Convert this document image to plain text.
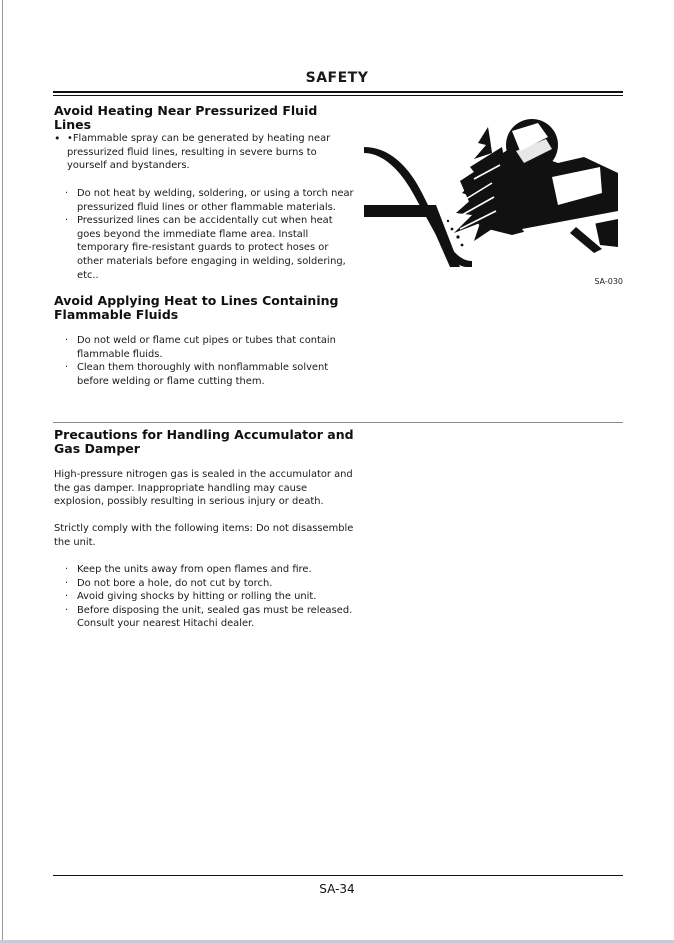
SAFETY
Avoid Heating Near Pressurized Fluid Lines
• •Flammable spray can be generated by heating near pressurized fluid lines, resulting in severe burns to yourself and bystanders.
· Do not heat by welding, soldering, or using a torch near pressurized fluid lines or other flammable materials.
· Pressurized lines can be accidentally cut when heat goes beyond the immediate flame area. Install temporary fire-resistant guards to protect hoses or other materials before engaging in welding, soldering, etc..
SA-030
Avoid Applying Heat to Lines Containing Flammable Fluids
· Do not weld or flame cut pipes or tubes that contain flammable fluids.
· Clean them thoroughly with nonflammable solvent before welding or flame cutting them.
Precautions for Handling Accumulator and Gas Damper
High-pressure nitrogen gas is sealed in the accumulator and the gas damper. Inappropriate handling may cause explosion, possibly resulting in serious injury or death.
Strictly comply with the following items: Do not disassemble the unit.
· Keep the units away from open flames and fire.
· Do not bore a hole, do not cut by torch.
· Avoid giving shocks by hitting or rolling the unit.
· Before disposing the unit, sealed gas must be released. Consult your nearest Hitachi dealer.
SA-34
